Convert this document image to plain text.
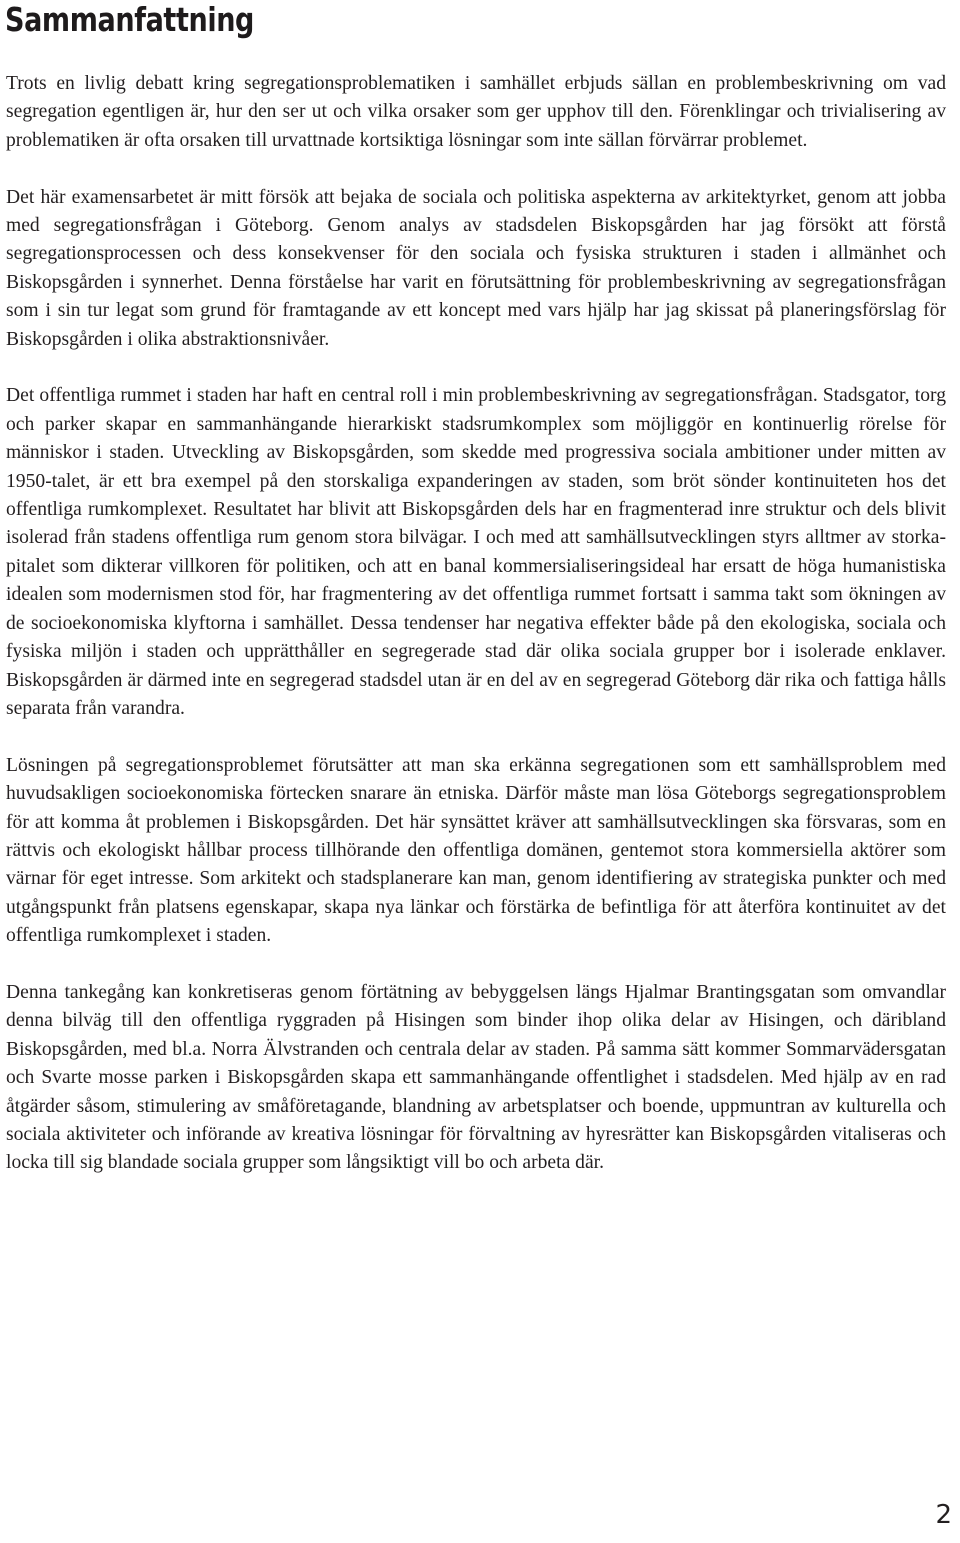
Sammanfattning

Trots en livlig debatt kring segregationsproblematiken i samhället erbjuds sällan en problembeskrivning om vad segregation egentligen är, hur den ser ut och vilka orsaker som ger upphov till den. Förenklingar och trivialisering av problematiken är ofta orsaken till urvattnade kortsiktiga lösningar som inte sällan förvärrar problemet.

Det här examensarbetet är mitt försök att bejaka de sociala och politiska aspekterna av arkitektyrket, genom att jobba med segregationsfrågan i Göteborg. Genom analys av stadsdelen Biskopsgården har jag försökt att förstå segregationsprocessen och dess konsekvenser för den sociala och fysiska strukturen i staden i allmänhet och Biskopsgården i synnerhet. Denna förståelse har varit en förutsättning för problembeskrivning av segregationsfrågan som i sin tur legat som grund för framtagande av ett koncept med vars hjälp har jag skissat på planeringsförslag för Biskopsgården i olika abstraktionsnivåer.

Det offentliga rummet i staden har haft en central roll i min problembeskrivning av segregationsfrågan. Stadsgator, torg och parker skapar en sammanhängande hierarkiskt stadsrumkomplex som möjliggör en kontinuerlig rörelse för människor i staden. Utveckling av Biskopsgården, som skedde med progressiva sociala ambitioner under mitten av 1950-talet, är ett bra exempel på den storskaliga expanderingen av staden, som bröt sönder kontinuiteten hos det offentliga rumkomplexet. Resultatet har blivit att Biskopsgården dels har en fragmenterad inre struktur och dels blivit isolerad från stadens offentliga rum genom stora bilvägar. I och med att samhällsutvecklingen styrs alltmer av storkapitalet som dikterar villkoren för politiken, och att en banal kommersialiseringsideal har ersatt de höga humanistiska idealen som modernismen stod för, har fragmentering av det offentliga rummet fortsatt i samma takt som ökningen av de socioekonomiska klyftorna i samhället. Dessa tendenser har negativa effekter både på den ekologiska, sociala och fysiska miljön i staden och upprätthåller en segregerade stad där olika sociala grupper bor i isolerade enklaver. Biskopsgården är därmed inte en segregerad stadsdel utan är en del av en segregerad Göteborg där rika och fattiga hålls separata från varandra.

Lösningen på segregationsproblemet förutsätter att man ska erkänna segregationen som ett samhällsproblem med huvudsakligen socioekonomiska förtecken snarare än etniska. Därför måste man lösa Göteborgs segregationsproblem för att komma åt problemen i Biskopsgården. Det här synsättet kräver att samhällsutvecklingen ska försvaras, som en rättvis och ekologiskt hållbar process tillhörande den offentliga domänen, gentemot stora kommersiella aktörer som värnar för eget intresse. Som arkitekt och stadsplanerare kan man, genom identifiering av strategiska punkter och med utgångspunkt från platsens egenskapar, skapa nya länkar och förstärka de befintliga för att återföra kontinuitet av det offentliga rumkomplexet i staden.

Denna tankegång kan konkretiseras genom förtätning av bebyggelsen längs Hjalmar Brantingsgatan som omvandlar denna bilväg till den offentliga ryggraden på Hisingen som binder ihop olika delar av Hisingen, och däribland Biskopsgården, med bl.a. Norra Älvstranden och centrala delar av staden. På samma sätt kommer Sommarvädersgatan och Svarte mosse parken i Biskopsgården skapa ett sammanhängande offentlighet i stadsdelen. Med hjälp av en rad åtgärder såsom, stimulering av småföretagande, blandning av arbetsplatser och boende, uppmuntran av kulturella och sociala aktiviteter och införande av kreativa lösningar för förvaltning av hyresrätter kan Biskopsgården vitaliseras och locka till sig blandade sociala grupper som långsiktigt vill bo och arbeta där.

2
